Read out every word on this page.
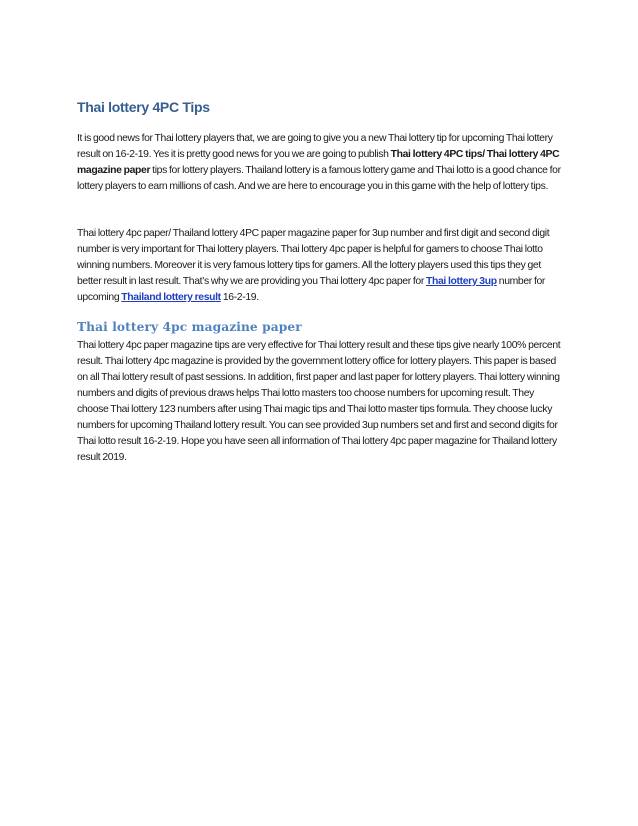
Thai lottery 4PC Tips

It is good news for Thai lottery players that, we are going to give you a new Thai lottery tip for upcoming Thai lottery result on 16-2-19. Yes it is pretty good news for you we are going to publish Thai lottery 4PC tips/ Thai lottery 4PC magazine paper tips for lottery players. Thailand lottery is a famous lottery game and Thai lotto is a good chance for lottery players to earn millions of cash. And we are here to encourage you in this game with the help of lottery tips.

Thai lottery 4pc paper/ Thailand lottery 4PC paper magazine paper for 3up number and first digit and second digit number is very important for Thai lottery players. Thai lottery 4pc paper is helpful for gamers to choose Thai lotto winning numbers. Moreover it is very famous lottery tips for gamers. All the lottery players used this tips they get better result in last result. That’s why we are providing you Thai lottery 4pc paper for Thai lottery 3up number for upcoming Thailand lottery result 16-2-19.

Thai lottery 4pc magazine paper

Thai lottery 4pc paper magazine tips are very effective for Thai lottery result and these tips give nearly 100% percent result. Thai lottery 4pc magazine is provided by the government lottery office for lottery players. This paper is based on all Thai lottery result of past sessions. In addition, first paper and last paper for lottery players. Thai lottery winning numbers and digits of previous draws helps Thai lotto masters too choose numbers for upcoming result. They choose Thai lottery 123 numbers after using Thai magic tips and Thai lotto master tips formula. They choose lucky numbers for upcoming Thailand lottery result. You can see provided 3up numbers set and first and second digits for Thai lotto result 16-2-19. Hope you have seen all information of Thai lottery 4pc paper magazine for Thailand lottery result 2019.
